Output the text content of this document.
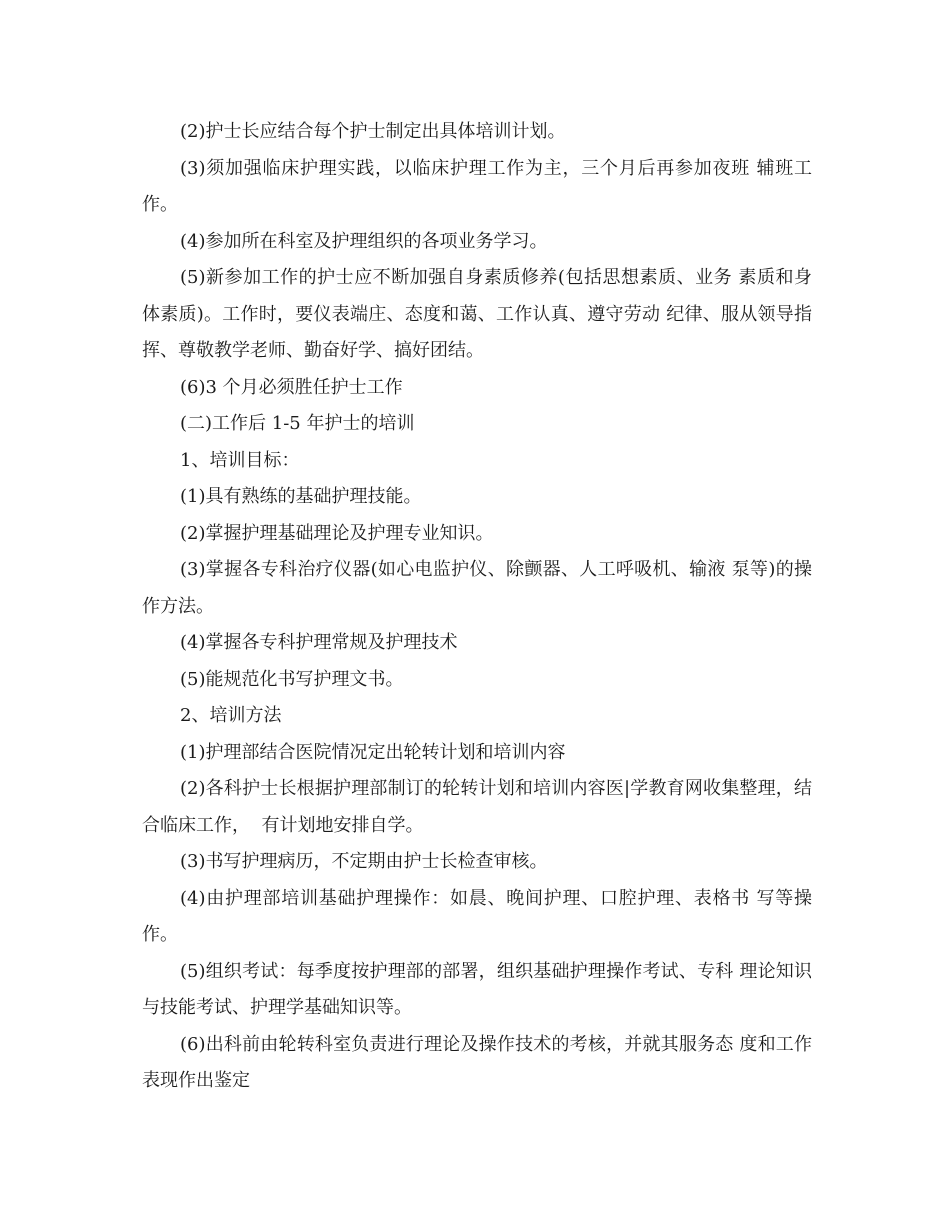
(2)护士长应结合每个护士制定出具体培训计划。

(3)须加强临床护理实践，以临床护理工作为主，三个月后再参加夜班 辅班工作。

(4)参加所在科室及护理组织的各项业务学习。

(5)新参加工作的护士应不断加强自身素质修养(包括思想素质、业务 素质和身体素质)。工作时，要仪表端庄、态度和蔼、工作认真、遵守劳动 纪律、服从领导指挥、尊敬教学老师、勤奋好学、搞好团结。

(6)3 个月必须胜任护士工作

(二)工作后 1-5 年护士的培训

1、培训目标：

(1)具有熟练的基础护理技能。

(2)掌握护理基础理论及护理专业知识。

(3)掌握各专科治疗仪器(如心电监护仪、除颤器、人工呼吸机、输液 泵等)的操作方法。

(4)掌握各专科护理常规及护理技术

(5)能规范化书写护理文书。

2、培训方法

(1)护理部结合医院情况定出轮转计划和培训内容

(2)各科护士长根据护理部制订的轮转计划和培训内容医|学教育网收集整理，结合临床工作，  有计划地安排自学。

(3)书写护理病历，不定期由护士长检查审核。

(4)由护理部培训基础护理操作：如晨、晚间护理、口腔护理、表格书 写等操作。

(5)组织考试：每季度按护理部的部署，组织基础护理操作考试、专科 理论知识与技能考试、护理学基础知识等。

(6)出科前由轮转科室负责进行理论及操作技术的考核，并就其服务态 度和工作表现作出鉴定
